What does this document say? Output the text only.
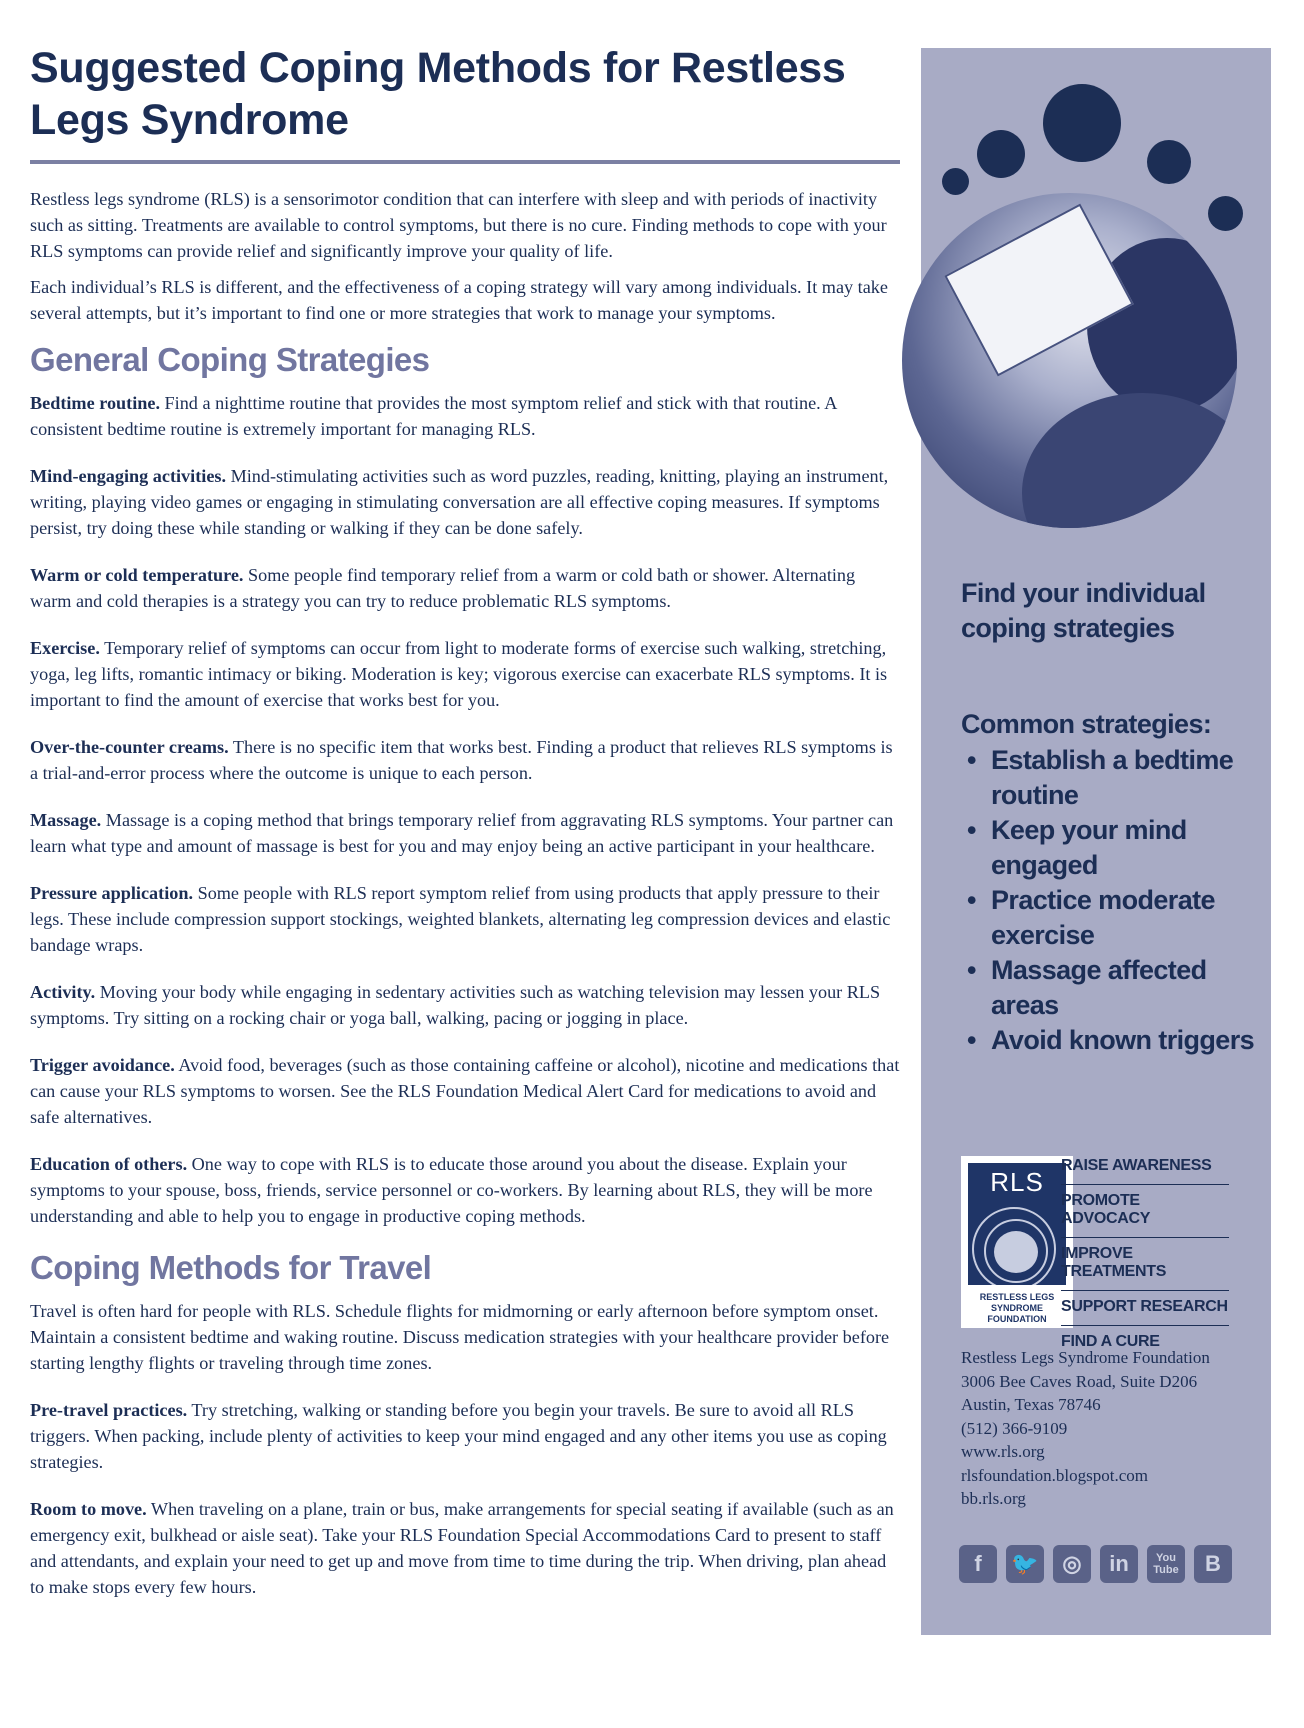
Suggested Coping Methods for Restless Legs Syndrome

Restless legs syndrome (RLS) is a sensorimotor condition that can interfere with sleep and with periods of inactivity such as sitting. Treatments are available to control symptoms, but there is no cure. Finding methods to cope with your RLS symptoms can provide relief and significantly improve your quality of life.

Each individual’s RLS is different, and the effectiveness of a coping strategy will vary among individuals. It may take several attempts, but it’s important to find one or more strategies that work to manage your symptoms.

General Coping Strategies

Bedtime routine. Find a nighttime routine that provides the most symptom relief and stick with that routine. A consistent bedtime routine is extremely important for managing RLS.

Mind-engaging activities. Mind-stimulating activities such as word puzzles, reading, knitting, playing an instrument, writing, playing video games or engaging in stimulating conversation are all effective coping measures. If symptoms persist, try doing these while standing or walking if they can be done safely.

Warm or cold temperature. Some people find temporary relief from a warm or cold bath or shower. Alternating warm and cold therapies is a strategy you can try to reduce problematic RLS symptoms.

Exercise. Temporary relief of symptoms can occur from light to moderate forms of exercise such walking, stretching, yoga, leg lifts, romantic intimacy or biking. Moderation is key; vigorous exercise can exacerbate RLS symptoms. It is important to find the amount of exercise that works best for you.

Over-the-counter creams. There is no specific item that works best. Finding a product that relieves RLS symptoms is a trial-and-error process where the outcome is unique to each person.

Massage. Massage is a coping method that brings temporary relief from aggravating RLS symptoms. Your partner can learn what type and amount of massage is best for you and may enjoy being an active participant in your healthcare.

Pressure application. Some people with RLS report symptom relief from using products that apply pressure to their legs. These include compression support stockings, weighted blankets, alternating leg compression devices and elastic bandage wraps.

Activity. Moving your body while engaging in sedentary activities such as watching television may lessen your RLS symptoms. Try sitting on a rocking chair or yoga ball, walking, pacing or jogging in place.

Trigger avoidance. Avoid food, beverages (such as those containing caffeine or alcohol), nicotine and medications that can cause your RLS symptoms to worsen. See the RLS Foundation Medical Alert Card for medications to avoid and safe alternatives.

Education of others. One way to cope with RLS is to educate those around you about the disease. Explain your symptoms to your spouse, boss, friends, service personnel or co-workers. By learning about RLS, they will be more understanding and able to help you to engage in productive coping methods.

Coping Methods for Travel

Travel is often hard for people with RLS. Schedule flights for midmorning or early afternoon before symptom onset. Maintain a consistent bedtime and waking routine. Discuss medication strategies with your healthcare provider before starting lengthy flights or traveling through time zones.

Pre-travel practices. Try stretching, walking or standing before you begin your travels. Be sure to avoid all RLS triggers. When packing, include plenty of activities to keep your mind engaged and any other items you use as coping strategies.

Room to move. When traveling on a plane, train or bus, make arrangements for special seating if available (such as an emergency exit, bulkhead or aisle seat). Take your RLS Foundation Special Accommodations Card to present to staff and attendants, and explain your need to get up and move from time to time during the trip. When driving, plan ahead to make stops every few hours.

Find your individual coping strategies
Common strategies:
• Establish a bedtime routine
• Keep your mind engaged
• Practice moderate exercise
• Massage affected areas
• Avoid known triggers
RLS
RESTLESS LEGS
SYNDROME
FOUNDATION
RAISE AWARENESS
PROMOTE ADVOCACY
IMPROVE TREATMENTS
SUPPORT RESEARCH
FIND A CURE
Restless Legs Syndrome Foundation
3006 Bee Caves Road, Suite D206
Austin, Texas 78746
(512) 366-9109
www.rls.org
rlsfoundation.blogspot.com
bb.rls.org
f	🐦	◎	in	You
Tube	B
